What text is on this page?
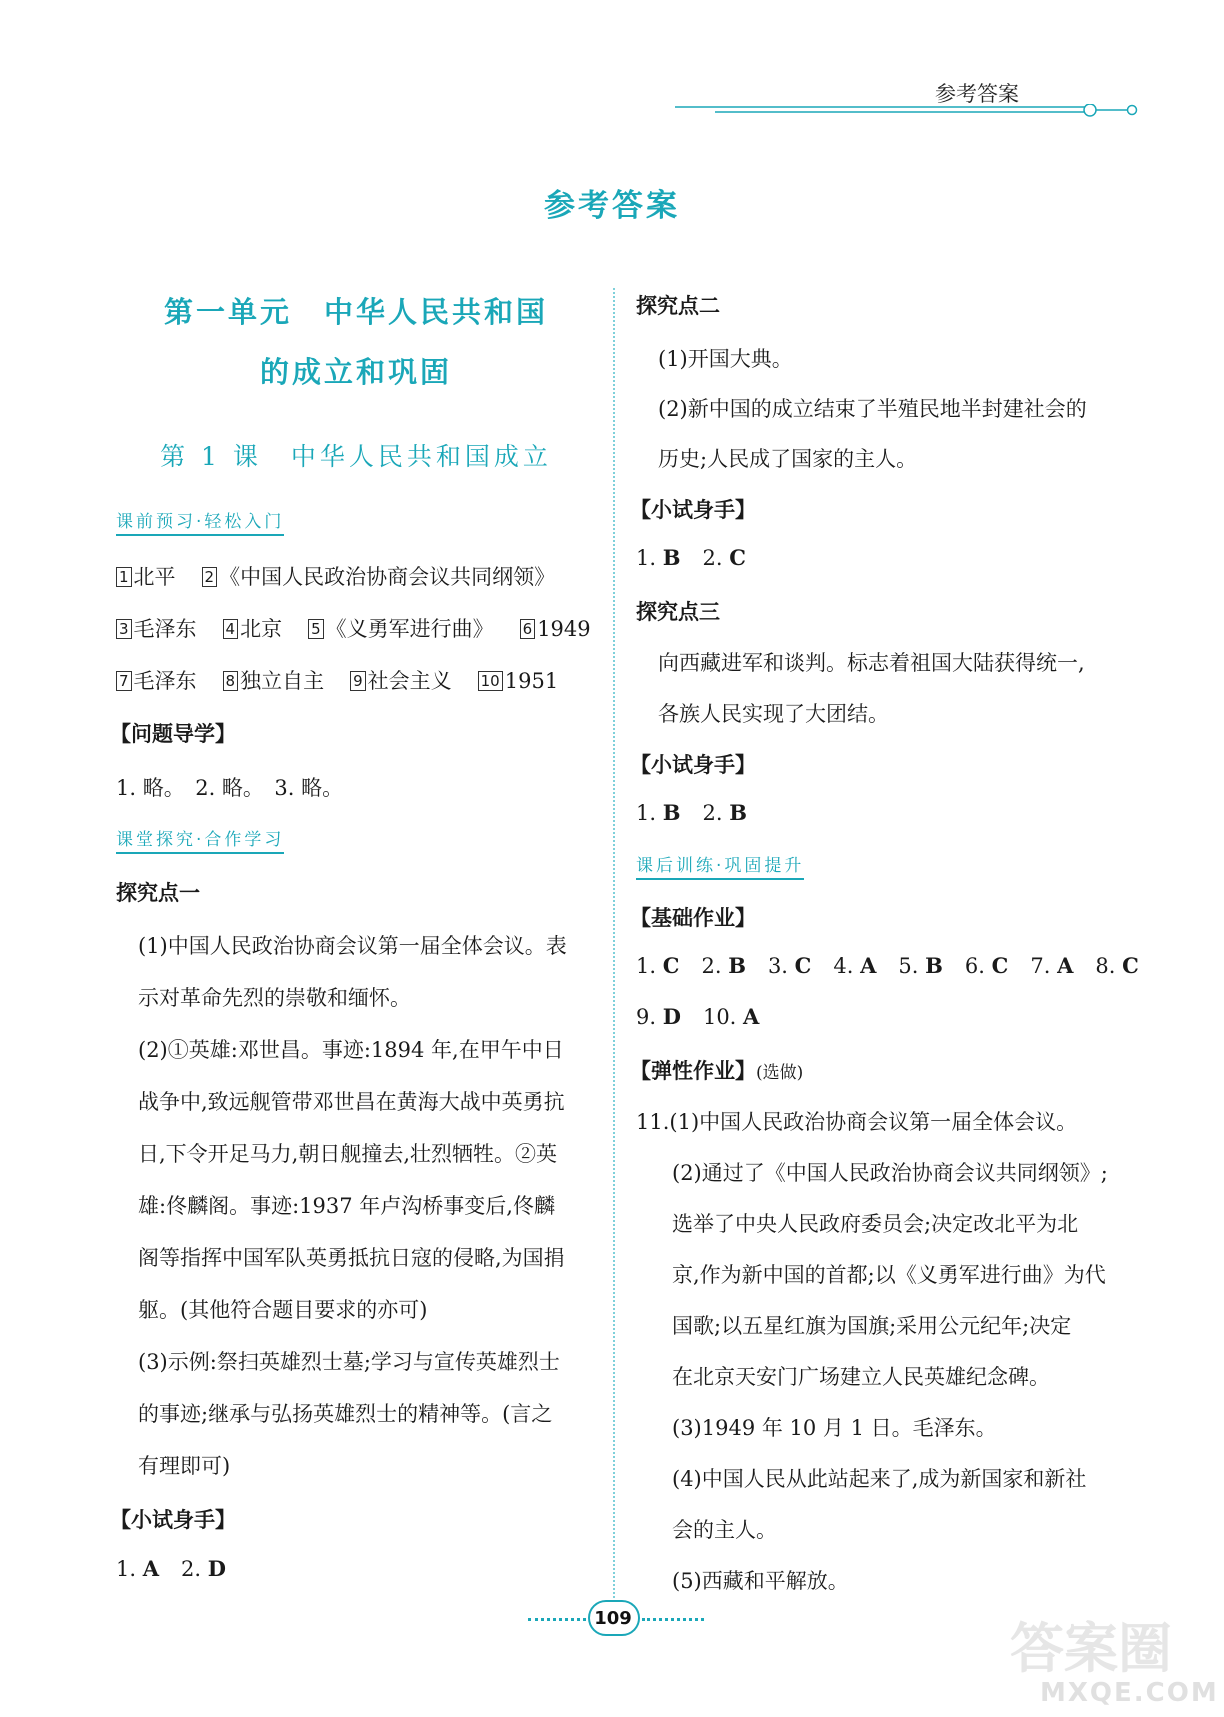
参考答案
参考答案
第一单元　中华人民共和国
的成立和巩固
第 1 课　中华人民共和国成立
课前预习·轻松入门
1 北平 2 《中国人民政治协商会议共同纲领》
3 毛泽东 4 北京 5 《义勇军进行曲》 6 1949
7 毛泽东 8 独立自主 9 社会主义 10 1951
【问题导学】
1. 略。　2. 略。　3. 略。
课堂探究·合作学习
探究点一
(1)中国人民政治协商会议第一届全体会议。表
示对革命先烈的崇敬和缅怀。
(2)①英雄:邓世昌。事迹:1894 年,在甲午中日
战争中,致远舰管带邓世昌在黄海大战中英勇抗
日,下令开足马力,朝日舰撞去,壮烈牺牲。②英
雄:佟麟阁。事迹:1937 年卢沟桥事变后,佟麟
阁等指挥中国军队英勇抵抗日寇的侵略,为国捐
躯。(其他符合题目要求的亦可)
(3)示例:祭扫英雄烈士墓;学习与宣传英雄烈士
的事迹;继承与弘扬英雄烈士的精神等。(言之
有理即可)
【小试身手】
1. A 2. D
探究点二
(1)开国大典。
(2)新中国的成立结束了半殖民地半封建社会的
历史;人民成了国家的主人。
【小试身手】
1. B 2. C
探究点三
向西藏进军和谈判。标志着祖国大陆获得统一,
各族人民实现了大团结。
【小试身手】
1. B 2. B
课后训练·巩固提升
【基础作业】
1. C 2. B 3. C 4. A 5. B 6. C 7. A 8. C
9. D 10. A
【弹性作业】(选做)
11.(1)中国人民政治协商会议第一届全体会议。
(2)通过了《中国人民政治协商会议共同纲领》;
选举了中央人民政府委员会;决定改北平为北
京,作为新中国的首都;以《义勇军进行曲》为代
国歌;以五星红旗为国旗;采用公元纪年;决定
在北京天安门广场建立人民英雄纪念碑。
(3)1949 年 10 月 1 日。毛泽东。
(4)中国人民从此站起来了,成为新国家和新社
会的主人。
(5)西藏和平解放。
109	答案圈
MXQE.COM
